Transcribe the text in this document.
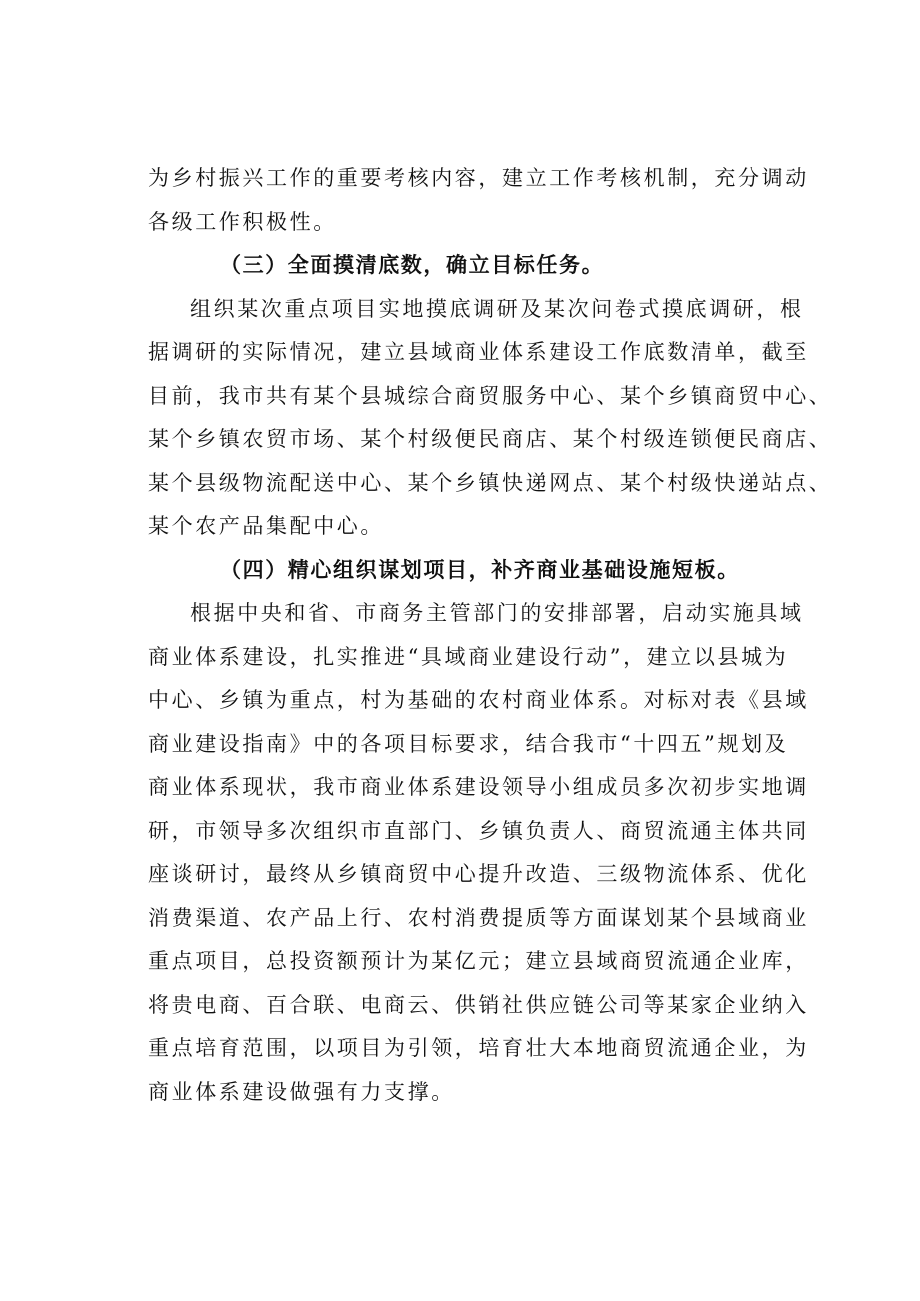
为乡村振兴工作的重要考核内容，建立工作考核机制，充分调动
各级工作积极性。
（三）全面摸清底数，确立目标任务。
组织某次重点项目实地摸底调研及某次问卷式摸底调研，根
据调研的实际情况，建立县域商业体系建设工作底数清单，截至
目前，我市共有某个县城综合商贸服务中心、某个乡镇商贸中心、
某个乡镇农贸市场、某个村级便民商店、某个村级连锁便民商店、
某个县级物流配送中心、某个乡镇快递网点、某个村级快递站点、
某个农产品集配中心。
（四）精心组织谋划项目，补齐商业基础设施短板。
根据中央和省、市商务主管部门的安排部署，启动实施具域
商业体系建设，扎实推进“具域商业建设行动”，建立以县城为
中心、乡镇为重点，村为基础的农村商业体系。对标对表《县域
商业建设指南》中的各项目标要求，结合我市“十四五”规划及
商业体系现状，我市商业体系建设领导小组成员多次初步实地调
研，市领导多次组织市直部门、乡镇负责人、商贸流通主体共同
座谈研讨，最终从乡镇商贸中心提升改造、三级物流体系、优化
消费渠道、农产品上行、农村消费提质等方面谋划某个县域商业
重点项目，总投资额预计为某亿元；建立县域商贸流通企业库，
将贵电商、百合联、电商云、供销社供应链公司等某家企业纳入
重点培育范围，以项目为引领，培育壮大本地商贸流通企业，为
商业体系建设做强有力支撑。
